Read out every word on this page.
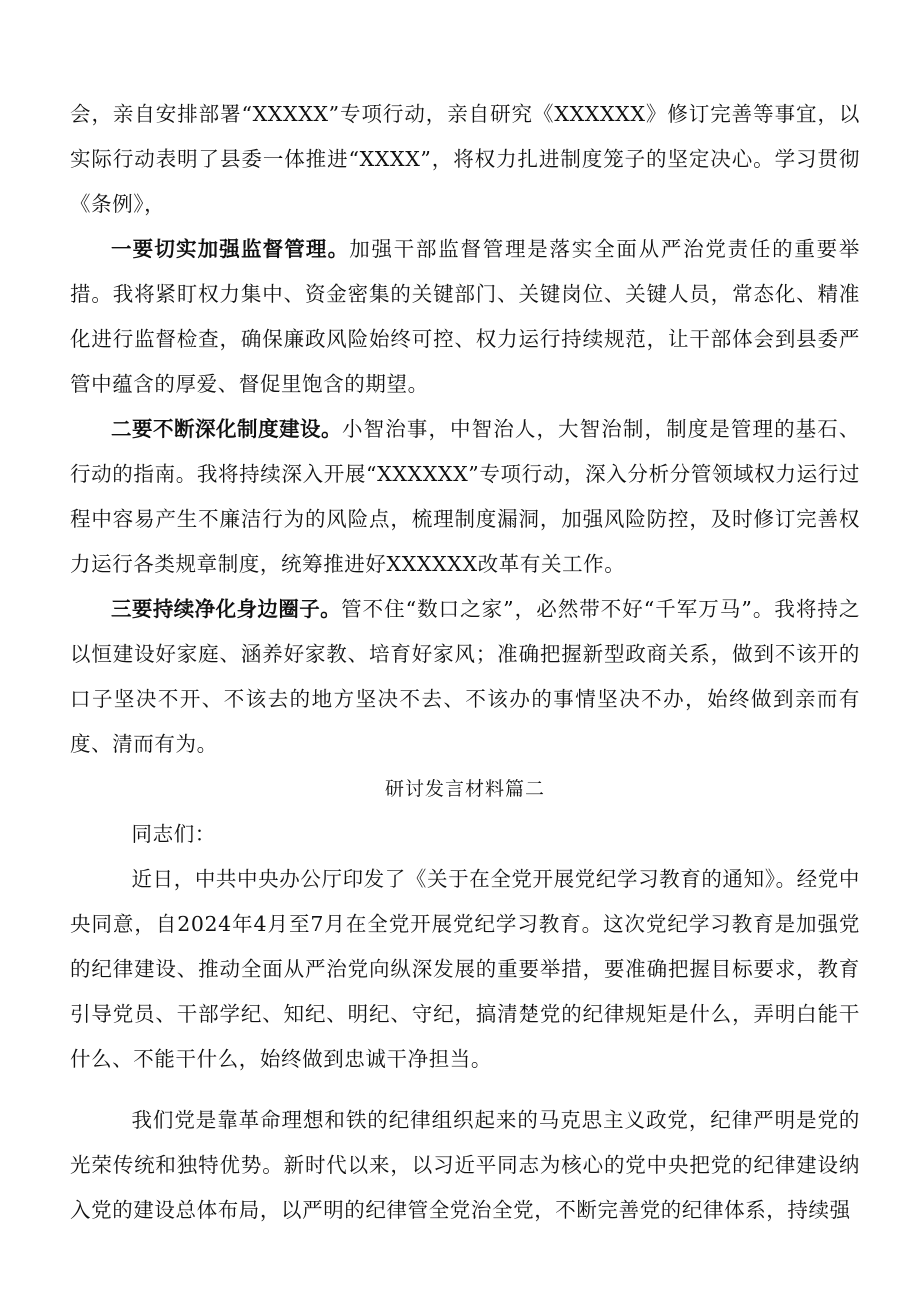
会，亲自安排部署“XXXXX”专项行动，亲自研究《XXXXXX》修订完善等事宜，以实际行动表明了县委一体推进“XXXX”，将权力扎进制度笼子的坚定决心。学习贯彻《条例》，

一要切实加强监督管理。加强干部监督管理是落实全面从严治党责任的重要举措。我将紧盯权力集中、资金密集的关键部门、关键岗位、关键人员，常态化、精准化进行监督检查，确保廉政风险始终可控、权力运行持续规范，让干部体会到县委严管中蕴含的厚爱、督促里饱含的期望。

二要不断深化制度建设。小智治事，中智治人，大智治制，制度是管理的基石、行动的指南。我将持续深入开展“XXXXXX”专项行动，深入分析分管领域权力运行过程中容易产生不廉洁行为的风险点，梳理制度漏洞，加强风险防控，及时修订完善权力运行各类规章制度，统筹推进好XXXXXX改革有关工作。

三要持续净化身边圈子。管不住“数口之家”，必然带不好“千军万马”。我将持之以恒建设好家庭、涵养好家教、培育好家风；准确把握新型政商关系，做到不该开的口子坚决不开、不该去的地方坚决不去、不该办的事情坚决不办，始终做到亲而有度、清而有为。

研讨发言材料篇二

同志们：

近日，中共中央办公厅印发了《关于在全党开展党纪学习教育的通知》。经党中央同意，自2024年4月至7月在全党开展党纪学习教育。这次党纪学习教育是加强党的纪律建设、推动全面从严治党向纵深发展的重要举措，要准确把握目标要求，教育引导党员、干部学纪、知纪、明纪、守纪，搞清楚党的纪律规矩是什么，弄明白能干什么、不能干什么，始终做到忠诚干净担当。

我们党是靠革命理想和铁的纪律组织起来的马克思主义政党，纪律严明是党的光荣传统和独特优势。新时代以来，以习近平同志为核心的党中央把党的纪律建设纳入党的建设总体布局，以严明的纪律管全党治全党，不断完善党的纪律体系，持续强
